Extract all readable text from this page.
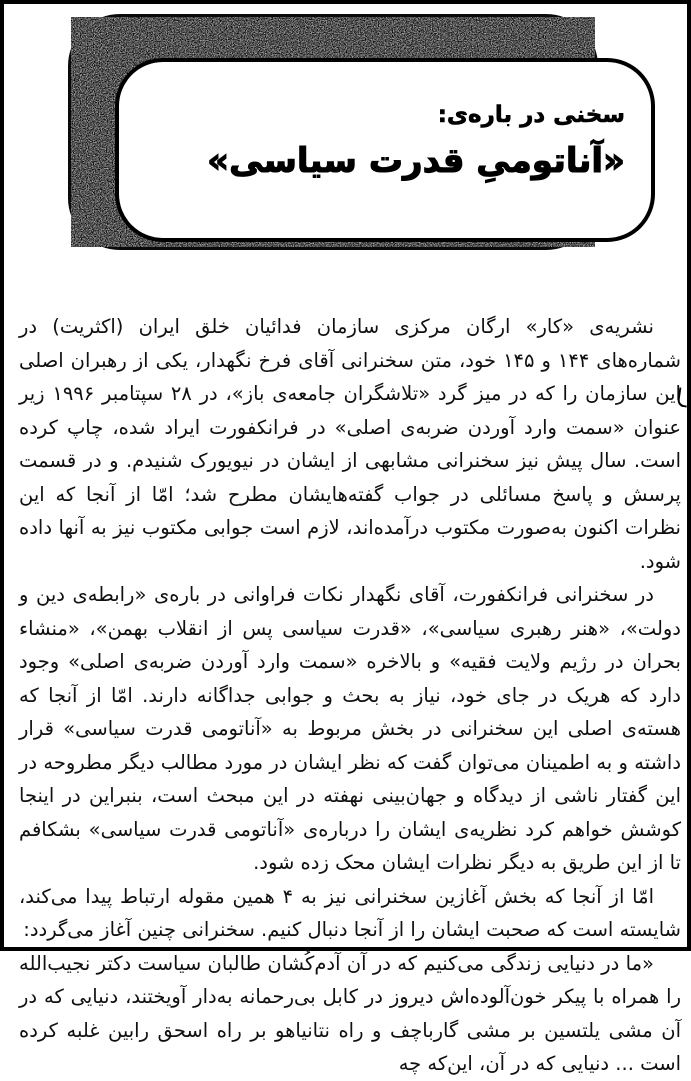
سخنی در باره‌ی:
«آناتومیِ قدرت سیاسی»

نشریه‌ی «کار» ارگان مرکزی سازمان فدائیان خلق ایران (اکثریت) در شماره‌های ۱۴۴ و ۱۴۵ خود، متن سخنرانی آقای فرخ نگهدار، یکی از رهبران اصلی این سازمان را که در میز گرد «تلاشگران جامعه‌ی باز»، در ۲۸ سپتامبر ۱۹۹۶ زیر عنوان «سمت وارد آوردن ضربه‌ی اصلی» در فرانکفورت ایراد شده، چاپ کرده است. سال پیش نیز سخنرانی مشابهی از ایشان در نیویورک شنیدم. و در قسمت پرسش و پاسخ مسائلی در جواب گفته‌هایشان مطرح شد؛ امّا از آنجا که این نظرات اکنون به‌صورت مکتوب درآمده‌اند، لازم است جوابی مکتوب نیز به آنها داده شود.

در سخنرانی فرانکفورت، آقای نگهدار نکات فراوانی در باره‌ی «رابطه‌ی دین و دولت»، «هنر رهبری سیاسی»، «قدرت سیاسی پس از انقلاب بهمن»، «منشاء بحران در رژیم ولایت فقیه» و بالاخره «سمت وارد آوردن ضربه‌ی اصلی» وجود دارد که هریک در جای خود، نیاز به بحث و جوابی جداگانه دارند. امّا از آنجا که هسته‌ی اصلی این سخنرانی در بخش مربوط به «آناتومی قدرت سیاسی» قرار داشته و به اطمینان می‌توان گفت که نظر ایشان در مورد مطالب دیگر مطروحه در این گفتار ناشی از دیدگاه و جهان‌بینی نهفته در این مبحث است، بنبراین در اینجا کوشش خواهم کرد نظریه‌ی ایشان را درباره‌ی «آناتومی قدرت سیاسی» بشکافم تا از این طریق به دیگر نظرات ایشان محک زده شود.

امّا از آنجا که بخش آغازین سخنرانی نیز به ۴ همین مقوله ارتباط پیدا می‌کند، شایسته است که صحبت ایشان را از آنجا دنبال کنیم. سخنرانی چنین آغاز می‌گردد:

«ما در دنیایی زندگی می‌کنیم که در آن آدم‌کُشان طالبان سیاست دکتر نجیب‌الله را همراه با پیکر خون‌آلوده‌اش دیروز در کابل بی‌رحمانه به‌دار آویختند، دنیایی که در آن مشی یلتسین بر مشی گارباچف و راه نتانیاهو بر راه اسحق رابین غلبه کرده است ... دنیایی که در آن، این‌که چه
